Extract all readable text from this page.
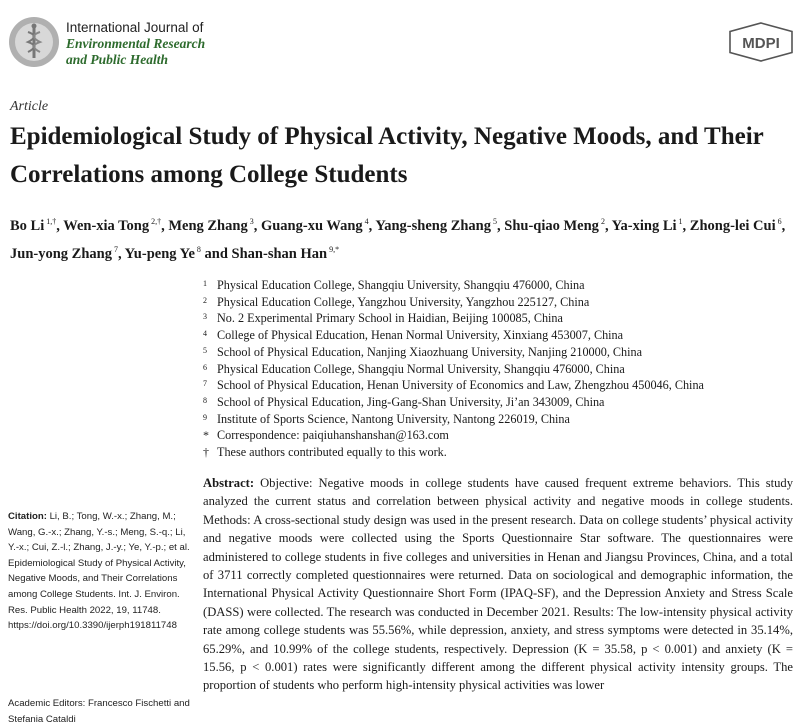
International Journal of
Environmental Research
and Public Health
MDPI
Article
Epidemiological Study of Physical Activity, Negative Moods, and Their Correlations among College Students
Bo Li $^{1,\dagger}$, Wen-xia Tong $^{2,\dagger}$, Meng Zhang $^3$, Guang-xu Wang $^4$, Yang-sheng Zhang $^5$, Shu-qiao Meng $^2$, Ya-xing Li $^1$, Zhong-lei Cui $^6$, Jun-yong Zhang $^7$, Yu-peng Ye $^8$ and Shan-shan Han $^{9,*}$
1 Physical Education College, Shangqiu University, Shangqiu 476000, China
2 Physical Education College, Yangzhou University, Yangzhou 225127, China
3 No. 2 Experimental Primary School in Haidian, Beijing 100085, China
4 College of Physical Education, Henan Normal University, Xinxiang 453007, China
5 School of Physical Education, Nanjing Xiaozhuang University, Nanjing 210000, China
6 Physical Education College, Shangqiu Normal University, Shangqiu 476000, China
7 School of Physical Education, Henan University of Economics and Law, Zhengzhou 450046, China
8 School of Physical Education, Jing-Gang-Shan University, Ji’an 343009, China
9 Institute of Sports Science, Nantong University, Nantong 226019, China
* Correspondence: paiqiuhanshanshan@163.com
† These authors contributed equally to this work.
Abstract: Objective: Negative moods in college students have caused frequent extreme behaviors. This study analyzed the current status and correlation between physical activity and negative moods in college students. Methods: A cross-sectional study design was used in the present research. Data on college students’ physical activity and negative moods were collected using the Sports Questionnaire Star software. The questionnaires were administered to college students in five colleges and universities in Henan and Jiangsu Provinces, China, and a total of 3711 correctly completed questionnaires were returned. Data on sociological and demographic information, the International Physical Activity Questionnaire Short Form (IPAQ-SF), and the Depression Anxiety and Stress Scale (DASS) were collected. The research was conducted in December 2021. Results: The low-intensity physical activity rate among college students was 55.56%, while depression, anxiety, and stress symptoms were detected in 35.14%, 65.29%, and 10.99% of the college students, respectively. Depression (K = 35.58, p < 0.001) and anxiety (K = 15.56, p < 0.001) rates were significantly different among the different physical activity intensity groups. The proportion of students who perform high-intensity physical activities was lower
Citation: Li, B.; Tong, W.-x.; Zhang, M.; Wang, G.-x.; Zhang, Y.-s.; Meng, S.-q.; Li, Y.-x.; Cui, Z.-l.; Zhang, J.-y.; Ye, Y.-p.; et al. Epidemiological Study of Physical Activity, Negative Moods, and Their Correlations among College Students. Int. J. Environ. Res. Public Health 2022, 19, 11748. https://doi.org/10.3390/ijerph191811748
Academic Editors: Francesco Fischetti and Stefania Cataldi
